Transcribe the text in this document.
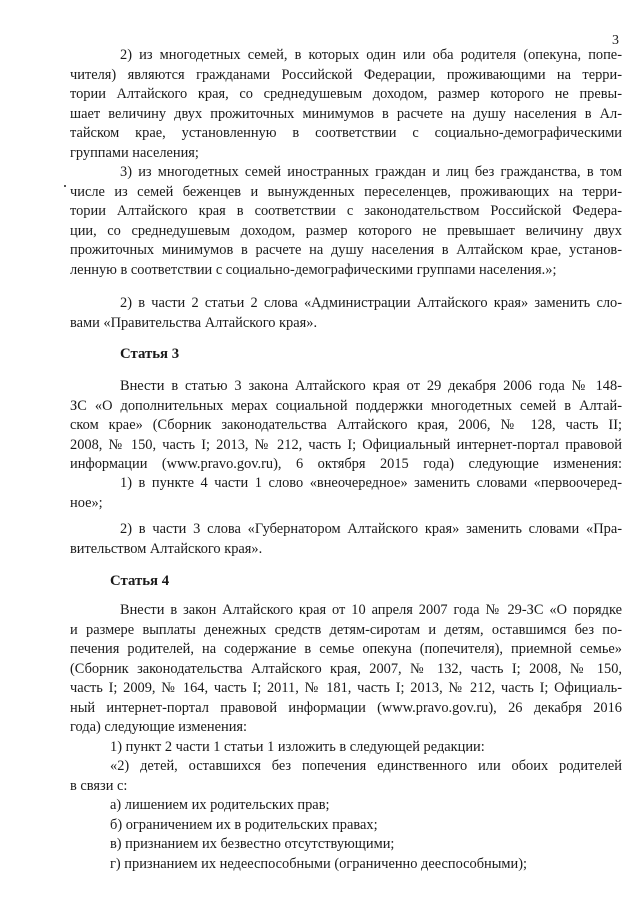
3
2) из многодетных семей, в которых один или оба родителя (опекуна, попе-
чителя) являются гражданами Российской Федерации, проживающими на терри-
тории Алтайского края, со среднедушевым доходом, размер которого не превы-
шает величину двух прожиточных минимумов в расчете на душу населения в Ал-
тайском крае, установленную в соответствии с социально-демографическими
группами населения;
3) из многодетных семей иностранных граждан и лиц без гражданства, в том
числе из семей беженцев и вынужденных переселенцев, проживающих на терри-
тории Алтайского края в соответствии с законодательством Российской Федера-
ции, со среднедушевым доходом, размер которого не превышает величину двух
прожиточных минимумов в расчете на душу населения в Алтайском крае, установ-
ленную в соответствии с социально-демографическими группами населения.»;
2) в части 2 статьи 2 слова «Администрации Алтайского края» заменить сло-
вами «Правительства Алтайского края».
Статья 3
Внести в статью 3 закона Алтайского края от 29 декабря 2006 года № 148-
ЗС «О дополнительных мерах социальной поддержки многодетных семей в Алтай-
ском крае» (Сборник законодательства Алтайского края, 2006, № 128, часть II;
2008, № 150, часть I; 2013, № 212, часть I; Официальный интернет-портал правовой
информации (www.pravo.gov.ru), 6 октября 2015 года) следующие изменения:
1) в пункте 4 части 1 слово «внеочередное» заменить словами «первоочеред-
ное»;
2) в части 3 слова «Губернатором Алтайского края» заменить словами «Пра-
вительством Алтайского края».
Статья 4
Внести в закон Алтайского края от 10 апреля 2007 года № 29-ЗС «О порядке
и размере выплаты денежных средств детям-сиротам и детям, оставшимся без по-
печения родителей, на содержание в семье опекуна (попечителя), приемной семье»
(Сборник законодательства Алтайского края, 2007, № 132, часть I; 2008, № 150,
часть I; 2009, № 164, часть I; 2011, № 181, часть I; 2013, № 212, часть I; Официаль-
ный интернет-портал правовой информации (www.pravo.gov.ru), 26 декабря 2016
года) следующие изменения:
1) пункт 2 части 1 статьи 1 изложить в следующей редакции:
«2) детей, оставшихся без попечения единственного или обоих родителей
в связи с:
а) лишением их родительских прав;
б) ограничением их в родительских правах;
в) признанием их безвестно отсутствующими;
г) признанием их недееспособными (ограниченно дееспособными);
